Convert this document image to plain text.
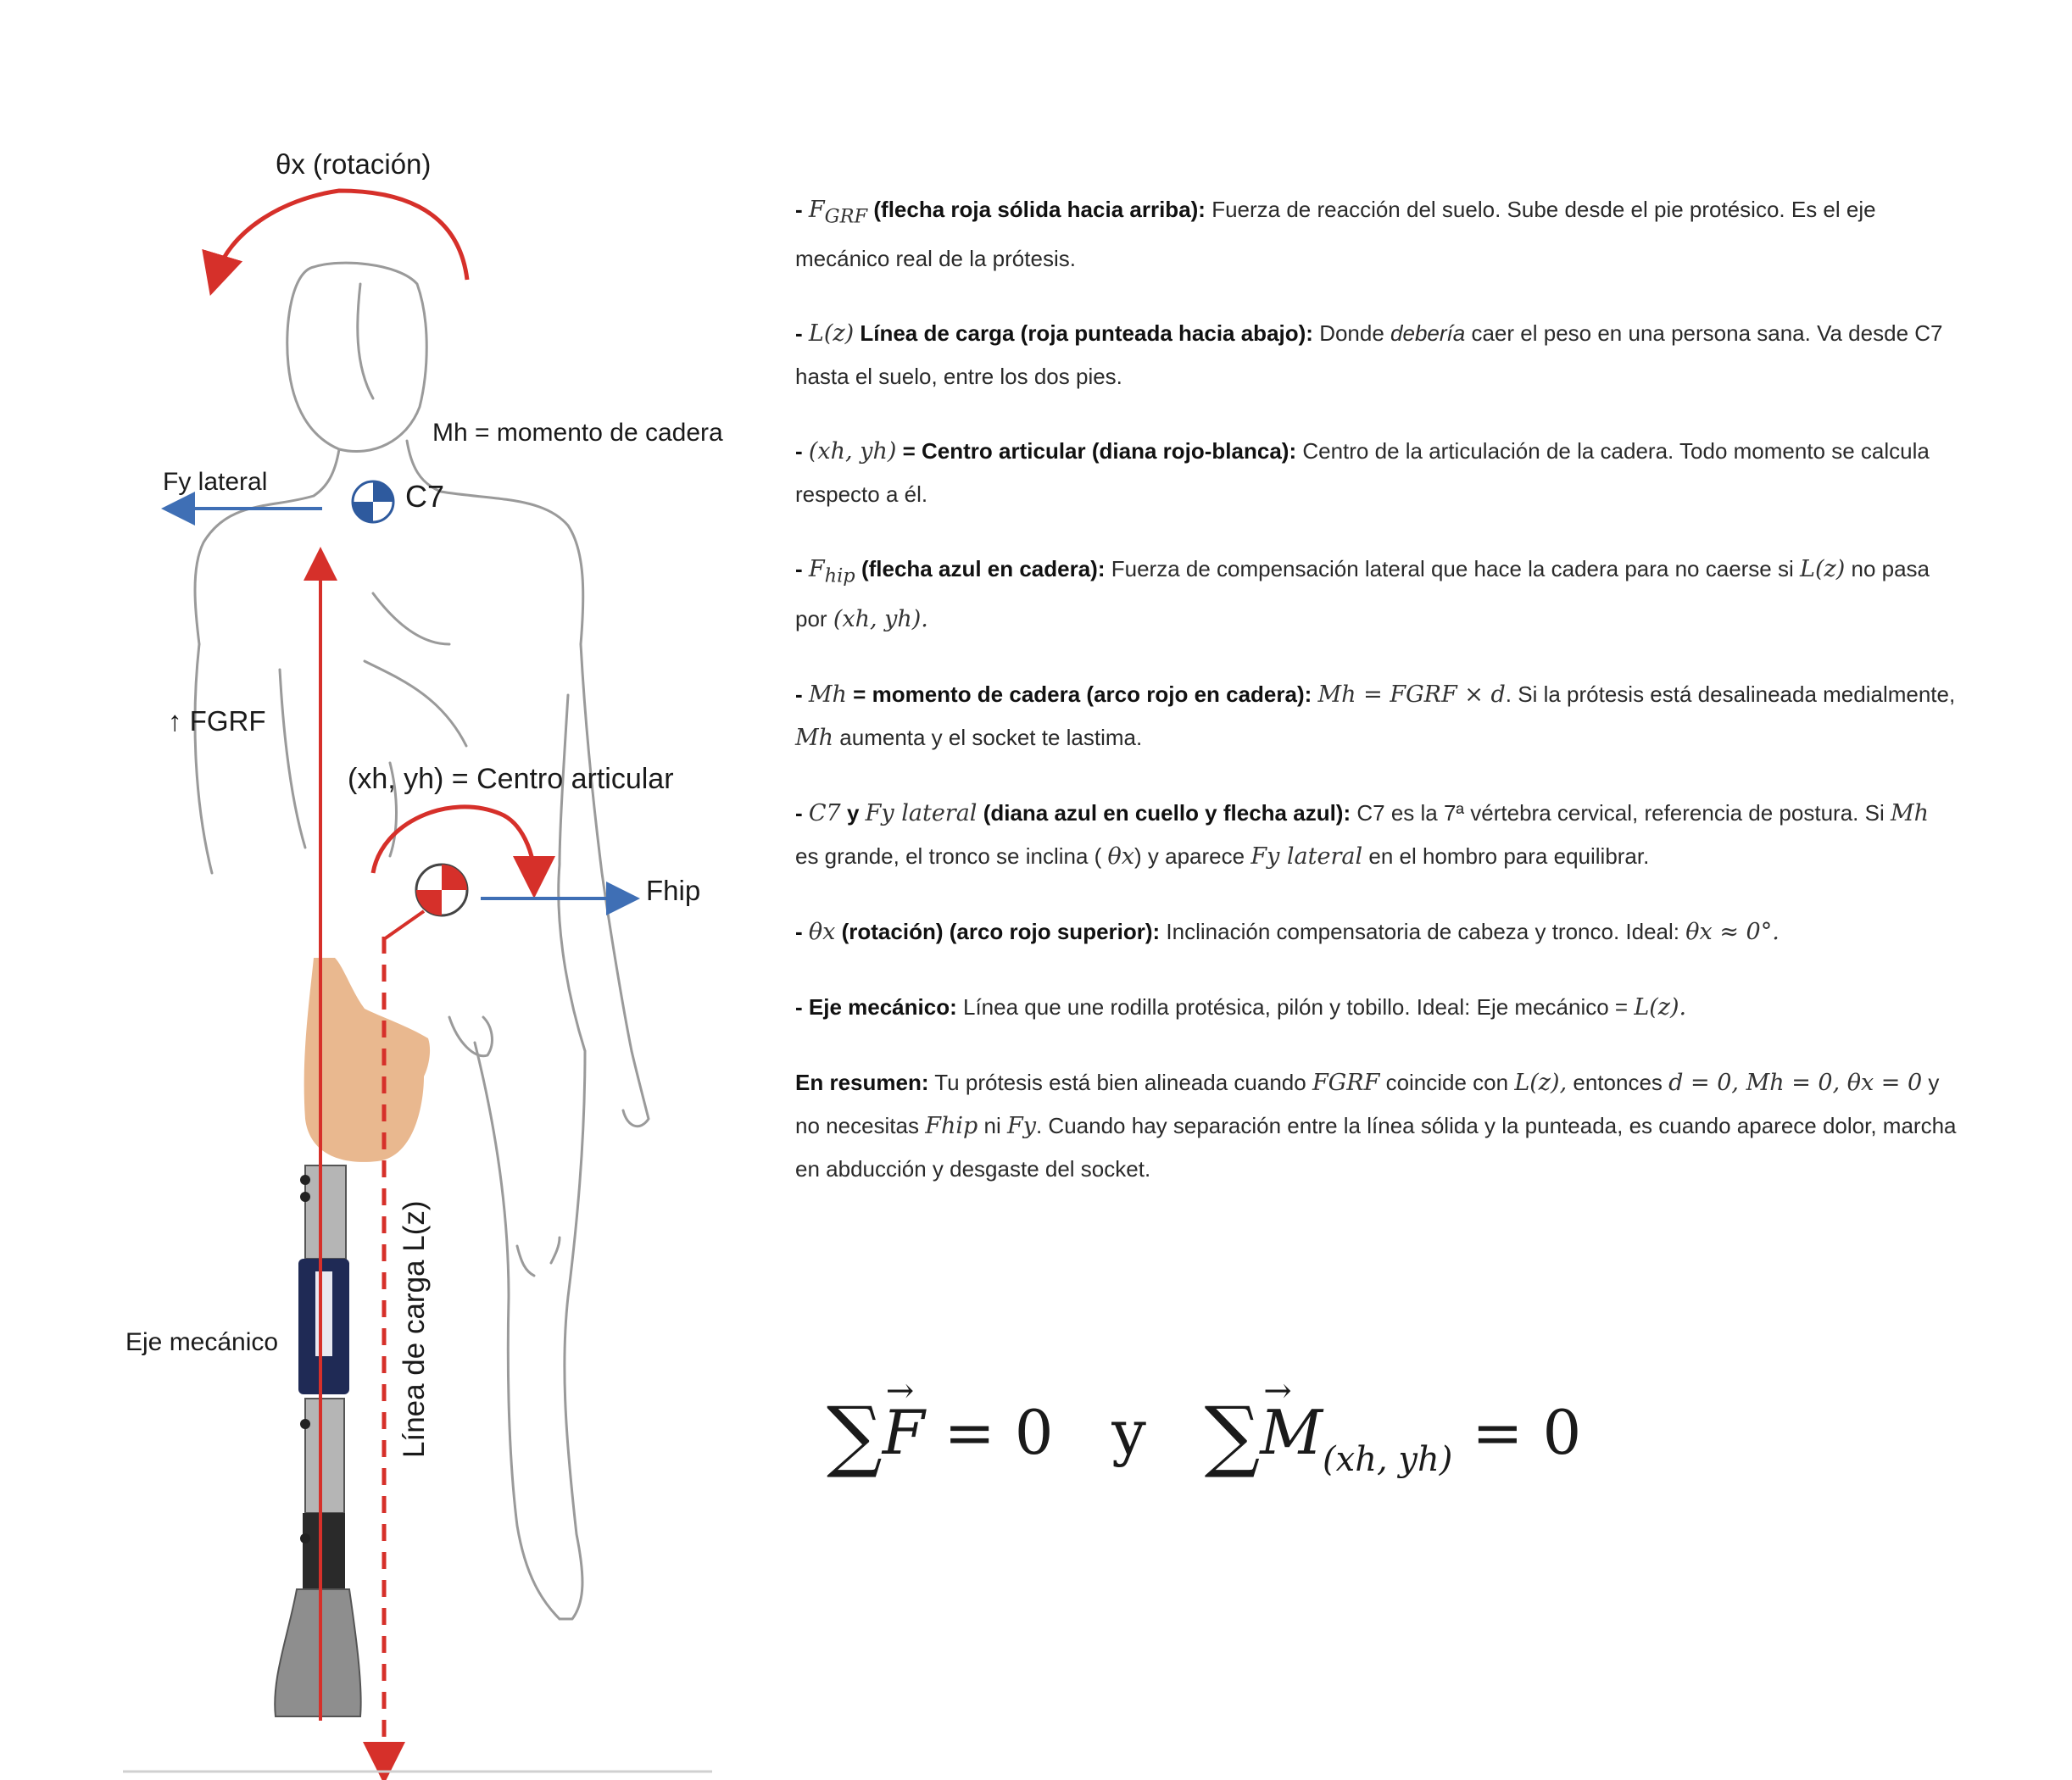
θx (rotación)
Mh = momento de cadera
Fy lateral	C7
↑ FGRF
(xh, yh) = Centro articular
Fhip
Eje mecánico	Línea de carga L(z)
- $F_{GRF}$ (flecha roja sólida hacia arriba): Fuerza de reacción del suelo. Sube desde el pie protésico. Es el eje mecánico real de la prótesis.
- L(z) Línea de carga (roja punteada hacia abajo): Donde debería caer el peso en una persona sana. Va desde C7 hasta el suelo, entre los dos pies.
- (xh, yh) = Centro articular (diana rojo-blanca): Centro de la articulación de la cadera. Todo momento se calcula respecto a él.
- $F_{hip}$ (flecha azul en cadera): Fuerza de compensación lateral que hace la cadera para no caerse si L(z) no pasa por (xh, yh).
- Mh = momento de cadera (arco rojo en cadera): Mh = FGRF × d. Si la prótesis está desalineada medialmente, Mh aumenta y el socket te lastima.
- C7 y Fy lateral (diana azul en cuello y flecha azul): C7 es la 7ª vértebra cervical, referencia de postura. Si Mh es grande, el tronco se inclina ( θx) y aparece Fy lateral en el hombro para equilibrar.
- θx (rotación) (arco rojo superior): Inclinación compensatoria de cabeza y tronco. Ideal: θx ≈ 0°.
- Eje mecánico: Línea que une rodilla protésica, pilón y tobillo. Ideal: Eje mecánico = L(z).
En resumen: Tu prótesis está bien alineada cuando FGRF coincide con L(z), entonces d = 0, Mh = 0, θx = 0 y no necesitas Fhip ni Fy. Cuando hay separación entre la línea sólida y la punteada, es cuando aparece dolor, marcha en abducción y desgaste del socket.
∑→ F = 0 y ∑→ $M_{(xh, yh)} = 0$
